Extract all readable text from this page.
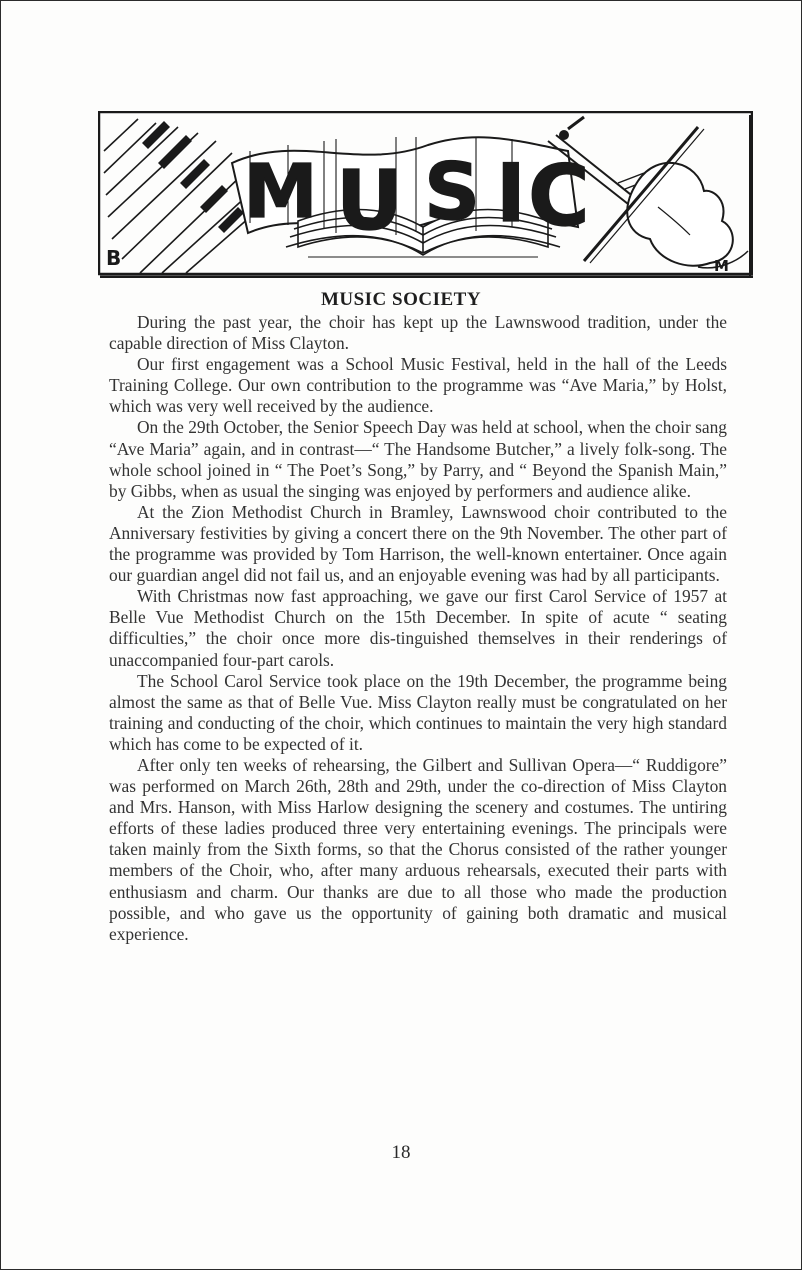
M U S I C
B	M
MUSIC SOCIETY

During the past year, the choir has kept up the Lawnswood tradition, under the capable direction of Miss Clayton.

Our first engagement was a School Music Festival, held in the hall of the Leeds Training College. Our own contribution to the programme was “Ave Maria,” by Holst, which was very well received by the audience.

On the 29th October, the Senior Speech Day was held at school, when the choir sang “Ave Maria” again, and in contrast—“ The Handsome Butcher,” a lively folk-song. The whole school joined in “ The Poet’s Song,” by Parry, and “ Beyond the Spanish Main,” by Gibbs, when as usual the singing was enjoyed by performers and audience alike.

At the Zion Methodist Church in Bramley, Lawnswood choir contributed to the Anniversary festivities by giving a concert there on the 9th November. The other part of the programme was provided by Tom Harrison, the well-known entertainer. Once again our guardian angel did not fail us, and an enjoyable evening was had by all participants.

With Christmas now fast approaching, we gave our first Carol Service of 1957 at Belle Vue Methodist Church on the 15th December. In spite of acute “ seating difficulties,” the choir once more dis-tinguished themselves in their renderings of unaccompanied four-part carols.

The School Carol Service took place on the 19th December, the programme being almost the same as that of Belle Vue. Miss Clayton really must be congratulated on her training and conducting of the choir, which continues to maintain the very high standard which has come to be expected of it.

After only ten weeks of rehearsing, the Gilbert and Sullivan Opera—“ Ruddigore” was performed on March 26th, 28th and 29th, under the co-direction of Miss Clayton and Mrs. Hanson, with Miss Harlow designing the scenery and costumes. The untiring efforts of these ladies produced three very entertaining evenings. The principals were taken mainly from the Sixth forms, so that the Chorus consisted of the rather younger members of the Choir, who, after many arduous rehearsals, executed their parts with enthusiasm and charm. Our thanks are due to all those who made the production possible, and who gave us the opportunity of gaining both dramatic and musical experience.

18
